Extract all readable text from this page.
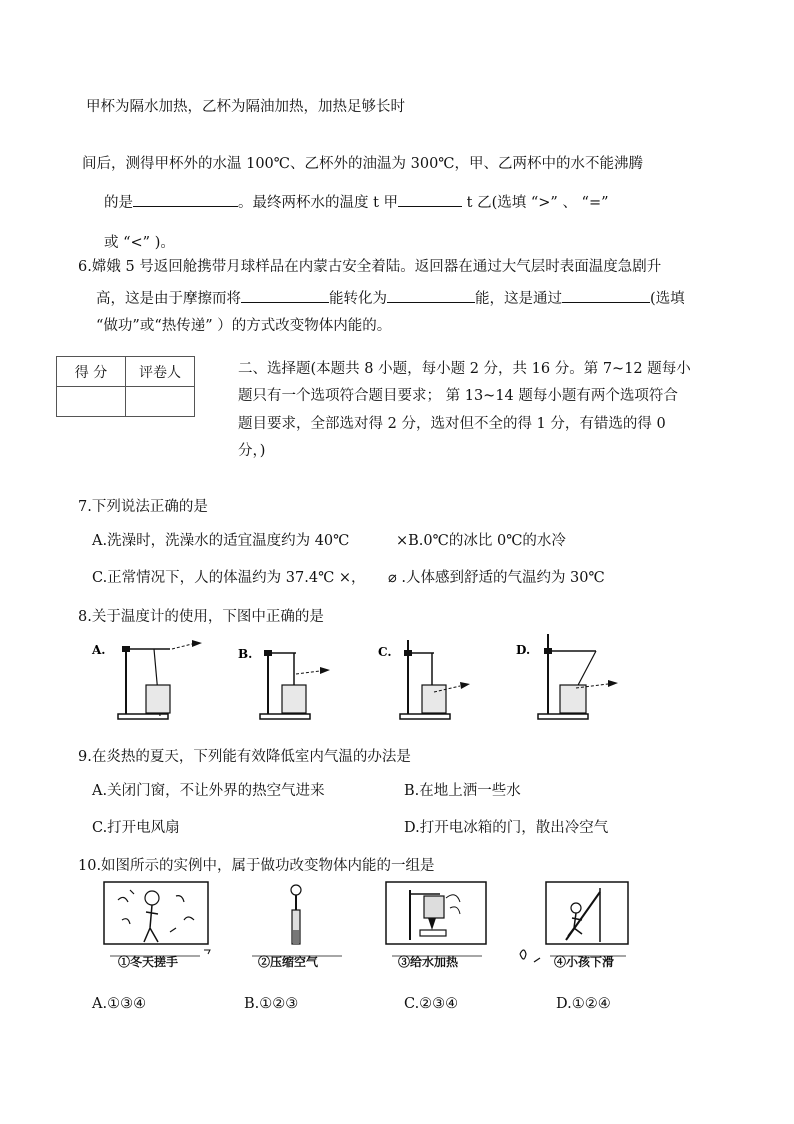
甲杯为隔水加热，乙杯为隔油加热，加热足够长时
间后，测得甲杯外的水温 100℃、乙杯外的油温为 300℃，甲、乙两杯中的水不能沸腾
的是	。最终两杯水的温度 t 甲	t 乙(选填 “>” 、 “=”
或 “<” )。
6.嫦娥 5 号返回舱携带月球样品在内蒙古安全着陆。返回器在通过大气层时表面温度急剧升
高，这是由于摩擦而将	能转化为	能，这是通过	(选填
“做功”或“热传递” ）的方式改变物体内能的。
得 分	评卷人
		二、选择题(本题共 8 小题，每小题 2 分，共 16 分。第 7~12 题每小
题只有一个选项符合题目要求； 第 13~14 题每小题有两个选项符合
题目要求，全部选对得 2 分，选对但不全的得 1 分，有错选的得 0
分，)
7.下列说法正确的是
A.洗澡时，洗澡水的适宜温度约为 40℃	×B.0℃的冰比 0℃的水冷
C.正常情况下，人的体温约为 37.4℃ ×， ⌀ .人体感到舒适的气温约为 30℃
8.关于温度计的使用，下图中正确的是
A.	B.	C.	D.
9.在炎热的夏天，下列能有效降低室内气温的办法是
A.关闭门窗，不让外界的热空气进来	B.在地上洒一些水
C.打开电风扇	D.打开电冰箱的门，散出冷空气
10.如图所示的实例中，属于做功改变物体内能的一组是
①冬天搓手	②压缩空气	③给水加热	④小孩下滑
A.①③④	B.①②③	C.②③④	D.①②④
